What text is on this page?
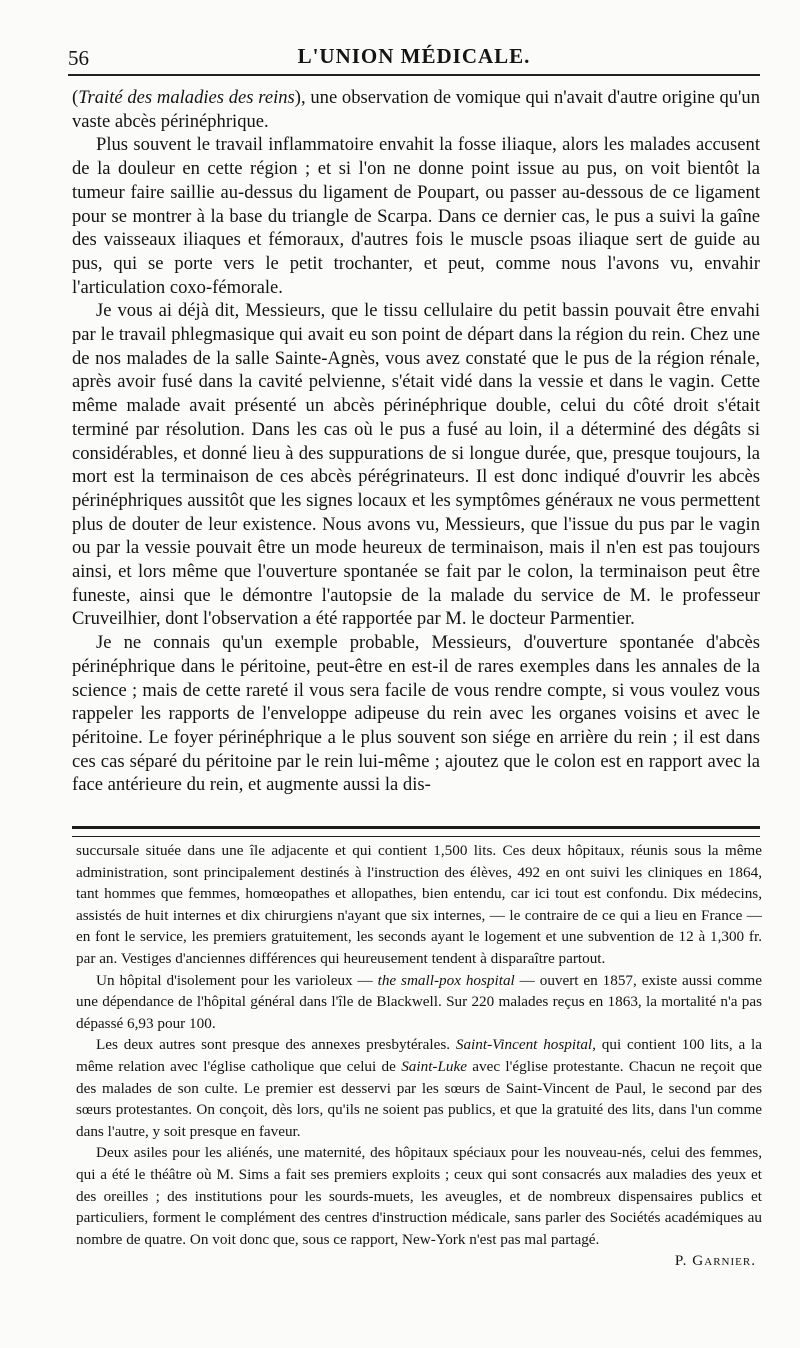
56	L'UNION MÉDICALE.

(Traité des maladies des reins), une observation de vomique qui n'avait d'autre origine qu'un vaste abcès périnéphrique.

Plus souvent le travail inflammatoire envahit la fosse iliaque, alors les malades accusent de la douleur en cette région ; et si l'on ne donne point issue au pus, on voit bientôt la tumeur faire saillie au-dessus du ligament de Poupart, ou passer au-dessous de ce ligament pour se montrer à la base du triangle de Scarpa. Dans ce dernier cas, le pus a suivi la gaîne des vaisseaux iliaques et fémoraux, d'autres fois le muscle psoas iliaque sert de guide au pus, qui se porte vers le petit trochanter, et peut, comme nous l'avons vu, envahir l'articulation coxo-fémorale.

Je vous ai déjà dit, Messieurs, que le tissu cellulaire du petit bassin pouvait être envahi par le travail phlegmasique qui avait eu son point de départ dans la région du rein. Chez une de nos malades de la salle Sainte-Agnès, vous avez constaté que le pus de la région rénale, après avoir fusé dans la cavité pelvienne, s'était vidé dans la vessie et dans le vagin. Cette même malade avait présenté un abcès périnéphrique double, celui du côté droit s'était terminé par résolution. Dans les cas où le pus a fusé au loin, il a déterminé des dégâts si considérables, et donné lieu à des suppurations de si longue durée, que, presque toujours, la mort est la terminaison de ces abcès pérégrinateurs. Il est donc indiqué d'ouvrir les abcès périnéphriques aussitôt que les signes locaux et les symptômes généraux ne vous permettent plus de douter de leur existence. Nous avons vu, Messieurs, que l'issue du pus par le vagin ou par la vessie pouvait être un mode heureux de terminaison, mais il n'en est pas toujours ainsi, et lors même que l'ouverture spontanée se fait par le colon, la terminaison peut être funeste, ainsi que le démontre l'autopsie de la malade du service de M. le professeur Cruveilhier, dont l'observation a été rapportée par M. le docteur Parmentier.

Je ne connais qu'un exemple probable, Messieurs, d'ouverture spontanée d'abcès périnéphrique dans le péritoine, peut-être en est-il de rares exemples dans les annales de la science ; mais de cette rareté il vous sera facile de vous rendre compte, si vous voulez vous rappeler les rapports de l'enveloppe adipeuse du rein avec les organes voisins et avec le péritoine. Le foyer périnéphrique a le plus souvent son siége en arrière du rein ; il est dans ces cas séparé du péritoine par le rein lui-même ; ajoutez que le colon est en rapport avec la face antérieure du rein, et augmente aussi la dis-

succursale située dans une île adjacente et qui contient 1,500 lits. Ces deux hôpitaux, réunis sous la même administration, sont principalement destinés à l'instruction des élèves, 492 en ont suivi les cliniques en 1864, tant hommes que femmes, homœopathes et allopathes, bien entendu, car ici tout est confondu. Dix médecins, assistés de huit internes et dix chirurgiens n'ayant que six internes, — le contraire de ce qui a lieu en France — en font le service, les premiers gratuitement, les seconds ayant le logement et une subvention de 12 à 1,300 fr. par an. Vestiges d'anciennes différences qui heureusement tendent à disparaître partout.

Un hôpital d'isolement pour les varioleux — the small-pox hospital — ouvert en 1857, existe aussi comme une dépendance de l'hôpital général dans l'île de Blackwell. Sur 220 malades reçus en 1863, la mortalité n'a pas dépassé 6,93 pour 100.

Les deux autres sont presque des annexes presbytérales. Saint-Vincent hospital, qui contient 100 lits, a la même relation avec l'église catholique que celui de Saint-Luke avec l'église protestante. Chacun ne reçoit que des malades de son culte. Le premier est desservi par les sœurs de Saint-Vincent de Paul, le second par des sœurs protestantes. On conçoit, dès lors, qu'ils ne soient pas publics, et que la gratuité des lits, dans l'un comme dans l'autre, y soit presque en faveur.

Deux asiles pour les aliénés, une maternité, des hôpitaux spéciaux pour les nouveau-nés, celui des femmes, qui a été le théâtre où M. Sims a fait ses premiers exploits ; ceux qui sont consacrés aux maladies des yeux et des oreilles ; des institutions pour les sourds-muets, les aveugles, et de nombreux dispensaires publics et particuliers, forment le complément des centres d'instruction médicale, sans parler des Sociétés académiques au nombre de quatre. On voit donc que, sous ce rapport, New-York n'est pas mal partagé.

P. Garnier.
